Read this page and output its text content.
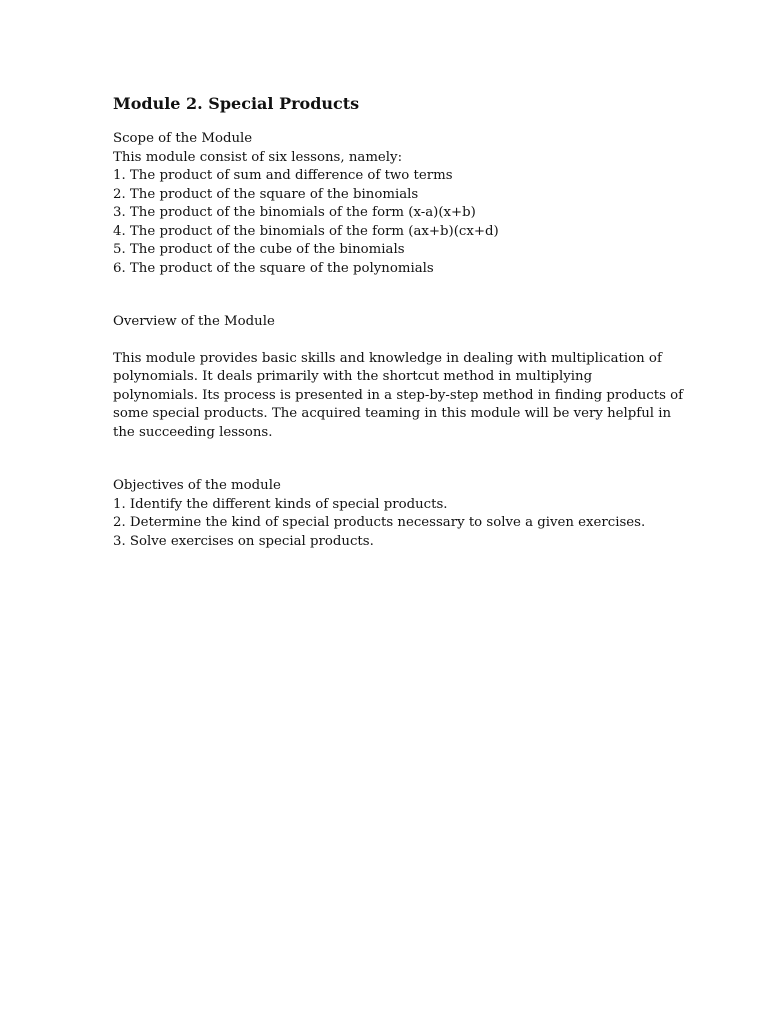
Module 2. Special Products
Scope of the Module
This module consist of six lessons, namely:
1. The product of sum and difference of two terms
2. The product of the square of the binomials
3. The product of the binomials of the form (x-a)(x+b)
4. The product of the binomials of the form (ax+b)(cx+d)
5. The product of the cube of the binomials
6. The product of the square of the polynomials
Overview of the Module
This module provides basic skills and knowledge in dealing with multiplication of
polynomials. It deals primarily with the shortcut method in multiplying
polynomials. Its process is presented in a step-by-step method in finding products of
some special products. The acquired teaming in this module will be very helpful in
the succeeding lessons.
Objectives of the module
1. Identify the different kinds of special products.
2. Determine the kind of special products necessary to solve a given exercises.
3. Solve exercises on special products.
